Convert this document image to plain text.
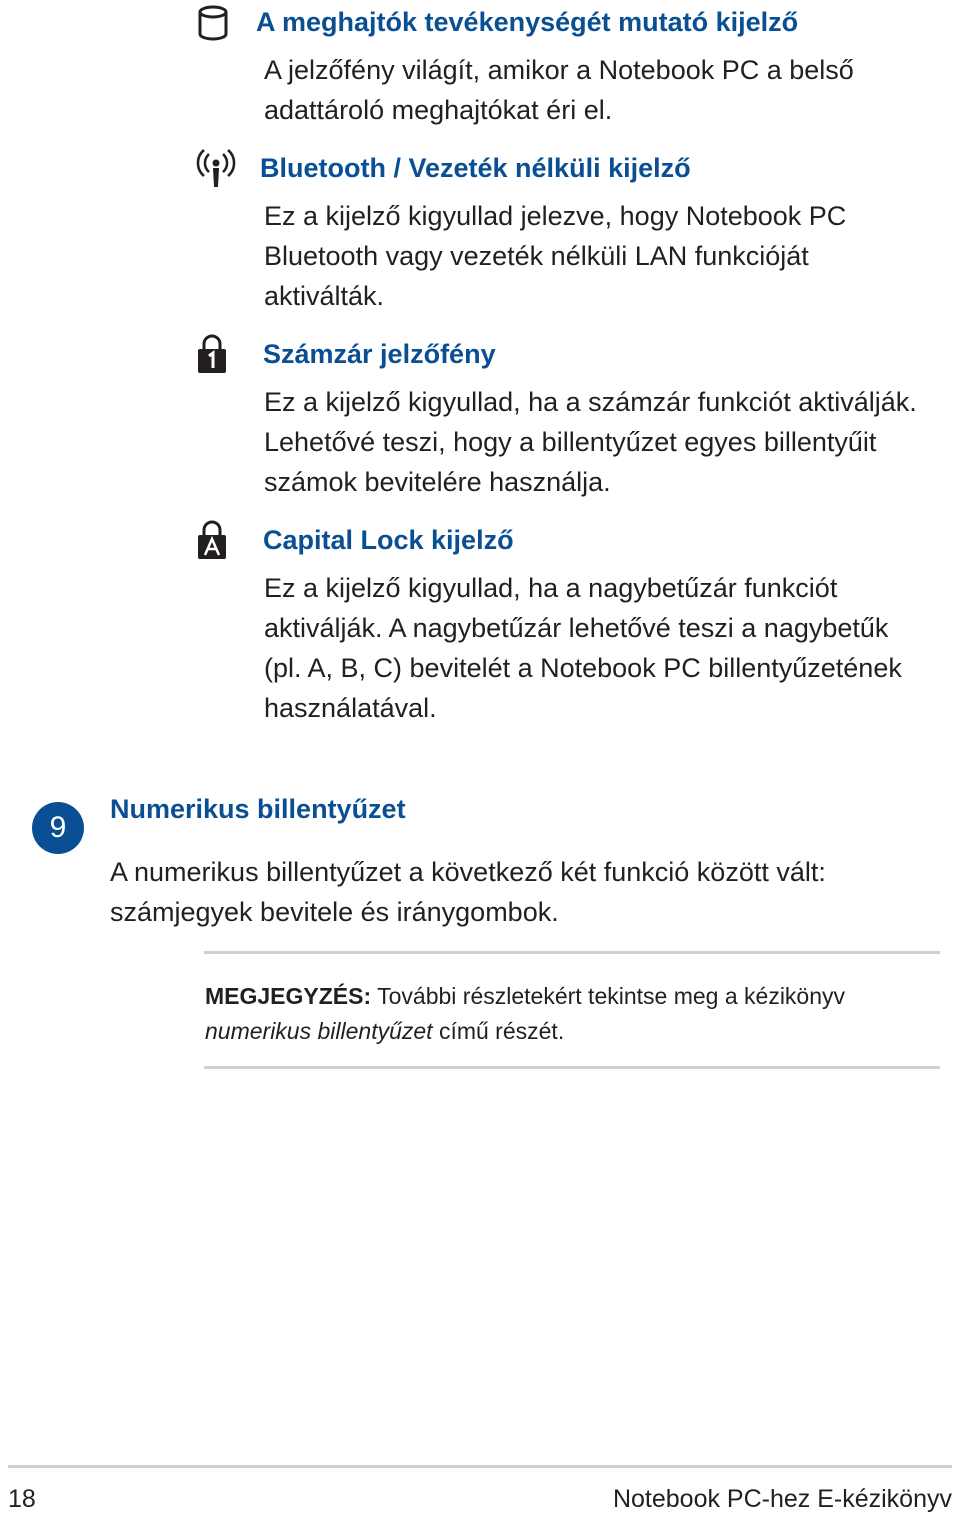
A meghajtók tevékenységét mutató kijelző
A jelzőfény világít, amikor a Notebook PC a belső
adattároló meghajtókat éri el.
Bluetooth / Vezeték nélküli kijelző
Ez a kijelző kigyullad jelezve, hogy Notebook PC
Bluetooth vagy vezeték nélküli LAN funkcióját
aktiválták.
Számzár jelzőfény
Ez a kijelző kigyullad, ha a számzár funkciót aktiválják.
Lehetővé teszi, hogy a billentyűzet egyes billentyűit
számok bevitelére használja.
Capital Lock kijelző
Ez a kijelző kigyullad, ha a nagybetűzár funkciót
aktiválják. A nagybetűzár lehetővé teszi a nagybetűk
(pl. A, B, C) bevitelét a Notebook PC billentyűzetének
használatával.
9
Numerikus billentyűzet
A numerikus billentyűzet a következő két funkció között vált:
számjegyek bevitele és iránygombok.
MEGJEGYZÉS: További részletekért tekintse meg a kézikönyv
numerikus billentyűzet című részét.
18	Notebook PC-hez E-kézikönyv
